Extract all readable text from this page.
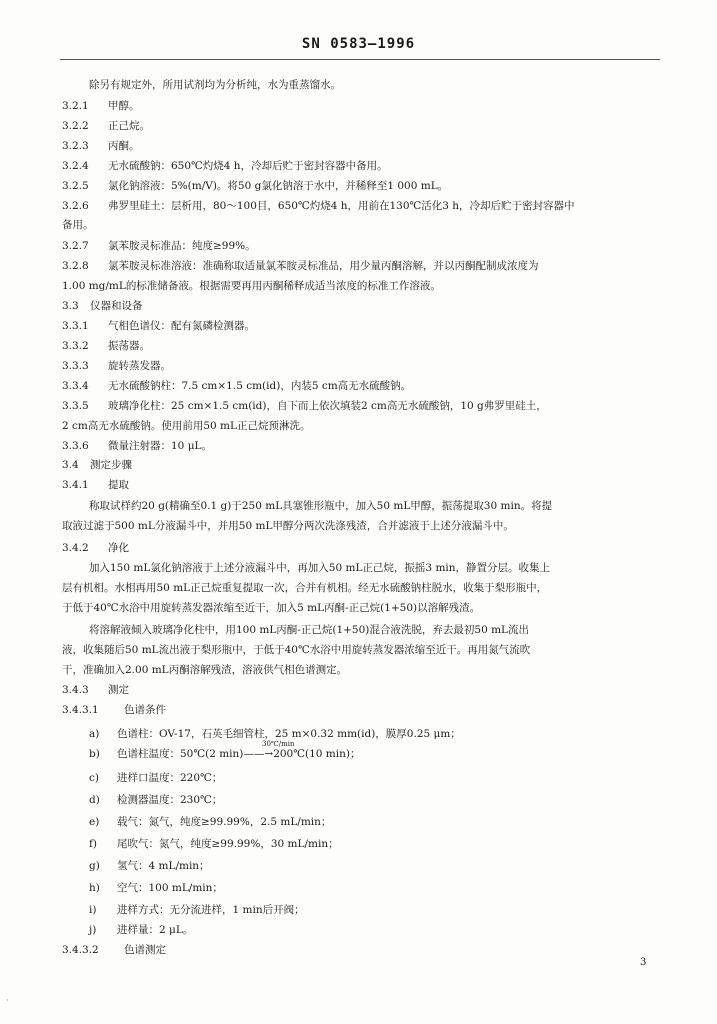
SN 0583—1996
除另有规定外，所用试剂均为分析纯，水为重蒸馏水。
3.2.1 甲醇。
3.2.2 正己烷。
3.2.3 丙酮。
3.2.4 无水硫酸钠：650℃灼烧4 h，冷却后贮于密封容器中备用。
3.2.5 氯化钠溶液：5%(m/V)。将50 g氯化钠溶于水中，并稀释至1 000 mL。
3.2.6 弗罗里硅土：层析用，80～100目，650℃灼烧4 h，用前在130℃活化3 h，冷却后贮于密封容器中
备用。
3.2.7 氯苯胺灵标准品：纯度≥99%。
3.2.8 氯苯胺灵标准溶液：准确称取适量氯苯胺灵标准品，用少量丙酮溶解，并以丙酮配制成浓度为
1.00 mg/mL的标准储备液。根据需要再用丙酮稀释成适当浓度的标准工作溶液。
3.3 仪器和设备
3.3.1 气相色谱仪：配有氮磷检测器。
3.3.2 振荡器。
3.3.3 旋转蒸发器。
3.3.4 无水硫酸钠柱：7.5 cm×1.5 cm(id)，内装5 cm高无水硫酸钠。
3.3.5 玻璃净化柱：25 cm×1.5 cm(id)，自下而上依次填装2 cm高无水硫酸钠，10 g弗罗里硅土，
2 cm高无水硫酸钠。使用前用50 mL正己烷预淋洗。
3.3.6 微量注射器：10 μL。
3.4 测定步骤
3.4.1 提取
称取试样约20 g(精确至0.1 g)于250 mL具塞锥形瓶中，加入50 mL甲醇，振荡提取30 min。将提
取液过滤于500 mL分液漏斗中，并用50 mL甲醇分两次洗涤残渣，合并滤液于上述分液漏斗中。
3.4.2 净化
加入150 mL氯化钠溶液于上述分液漏斗中，再加入50 mL正己烷，振摇3 min，静置分层。收集上
层有机相。水相再用50 mL正己烷重复提取一次，合并有机相。经无水硫酸钠柱脱水，收集于梨形瓶中，
于低于40℃水浴中用旋转蒸发器浓缩至近干，加入5 mL丙酮-正己烷(1+50)以溶解残渣。
将溶解液倾入玻璃净化柱中，用100 mL丙酮-正己烷(1+50)混合液洗脱，弃去最初50 mL流出
液，收集随后50 mL流出液于梨形瓶中，于低于40℃水浴中用旋转蒸发器浓缩至近干。再用氮气流吹
干，准确加入2.00 mL丙酮溶解残渣，溶液供气相色谱测定。
3.4.3 测定
3.4.3.1 色谱条件
a) 色谱柱：OV-17，石英毛细管柱，25 m×0.32 mm(id)，膜厚0.25 μm；
b) 色谱柱温度：50℃(2 min)——→200℃(10 min)；
30℃/min
c) 进样口温度：220℃；
d) 检测器温度：230℃；
e) 载气：氮气，纯度≥99.99%，2.5 mL/min；
f) 尾吹气：氮气，纯度≥99.99%，30 mL/min；
g) 氢气：4 mL/min；
h) 空气：100 mL/min；
i) 进样方式：无分流进样，1 min后开阀；
j) 进样量：2 μL。
3.4.3.2 色谱测定
3
·
